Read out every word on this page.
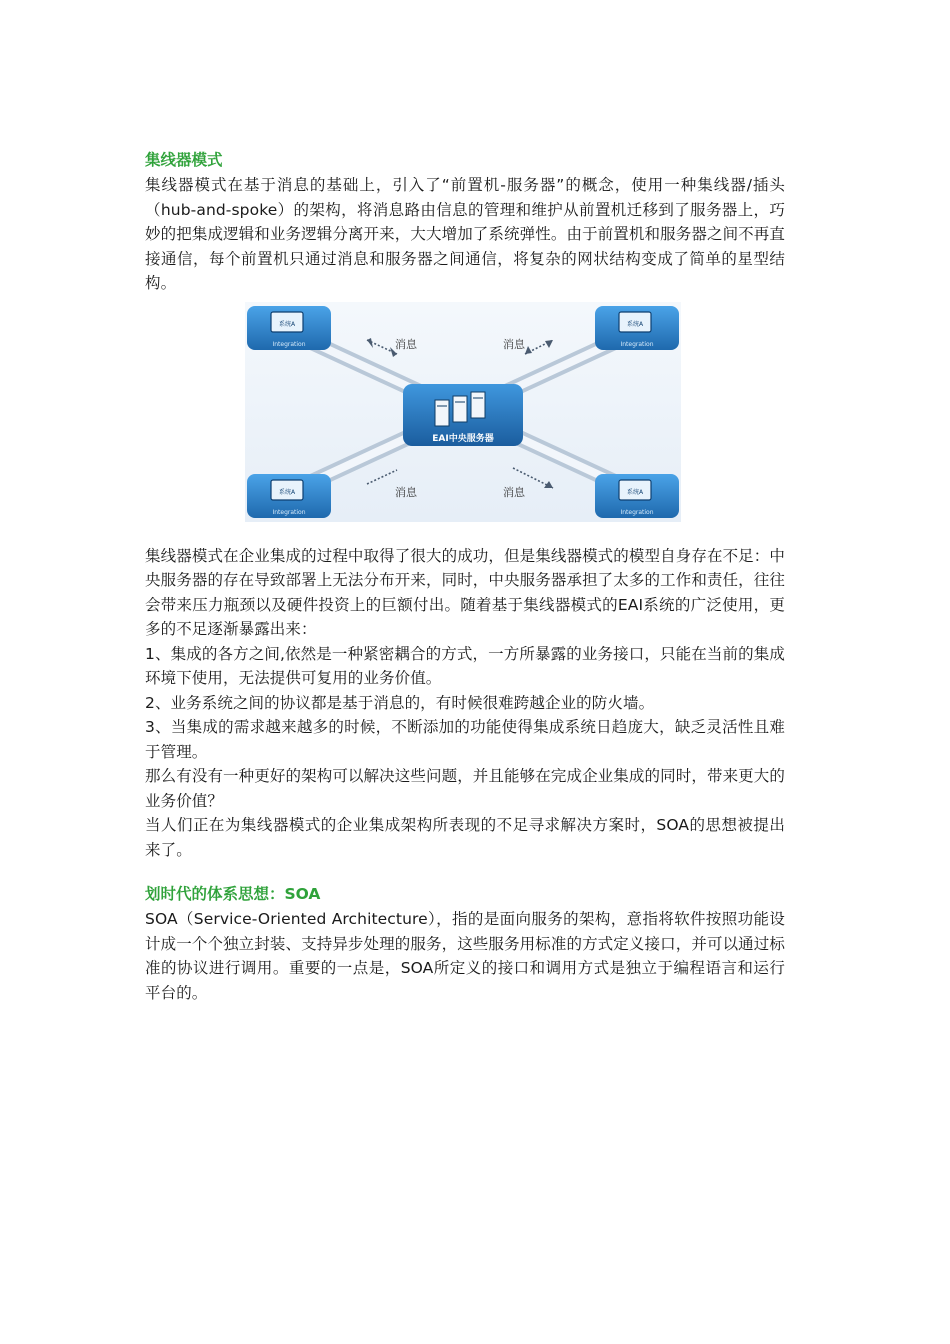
集线器模式

集线器模式在基于消息的基础上，引入了“前置机-服务器”的概念，使用一种集线器/插头（hub-and-spoke）的架构，将消息路由信息的管理和维护从前置机迁移到了服务器上，巧妙的把集成逻辑和业务逻辑分离开来，大大增加了系统弹性。由于前置机和服务器之间不再直接通信，每个前置机只通过消息和服务器之间通信，将复杂的网状结构变成了简单的星型结构。

消息	消息
消息	消息
系统A
Integration
系统A
Integration
系统A
Integration
系统A
Integration
EAI中央服务器

集线器模式在企业集成的过程中取得了很大的成功，但是集线器模式的模型自身存在不足：中央服务器的存在导致部署上无法分布开来，同时，中央服务器承担了太多的工作和责任，往往会带来压力瓶颈以及硬件投资上的巨额付出。随着基于集线器模式的EAI系统的广泛使用，更多的不足逐渐暴露出来：

1、集成的各方之间,依然是一种紧密耦合的方式，一方所暴露的业务接口，只能在当前的集成环境下使用，无法提供可复用的业务价值。

2、业务系统之间的协议都是基于消息的，有时候很难跨越企业的防火墙。

3、当集成的需求越来越多的时候，不断添加的功能使得集成系统日趋庞大，缺乏灵活性且难于管理。

那么有没有一种更好的架构可以解决这些问题，并且能够在完成企业集成的同时，带来更大的业务价值？

当人们正在为集线器模式的企业集成架构所表现的不足寻求解决方案时，SOA的思想被提出来了。

划时代的体系思想：SOA

SOA（Service-Oriented Architecture），指的是面向服务的架构，意指将软件按照功能设计成一个个独立封装、支持异步处理的服务，这些服务用标准的方式定义接口，并可以通过标准的协议进行调用。重要的一点是，SOA所定义的接口和调用方式是独立于编程语言和运行平台的。
